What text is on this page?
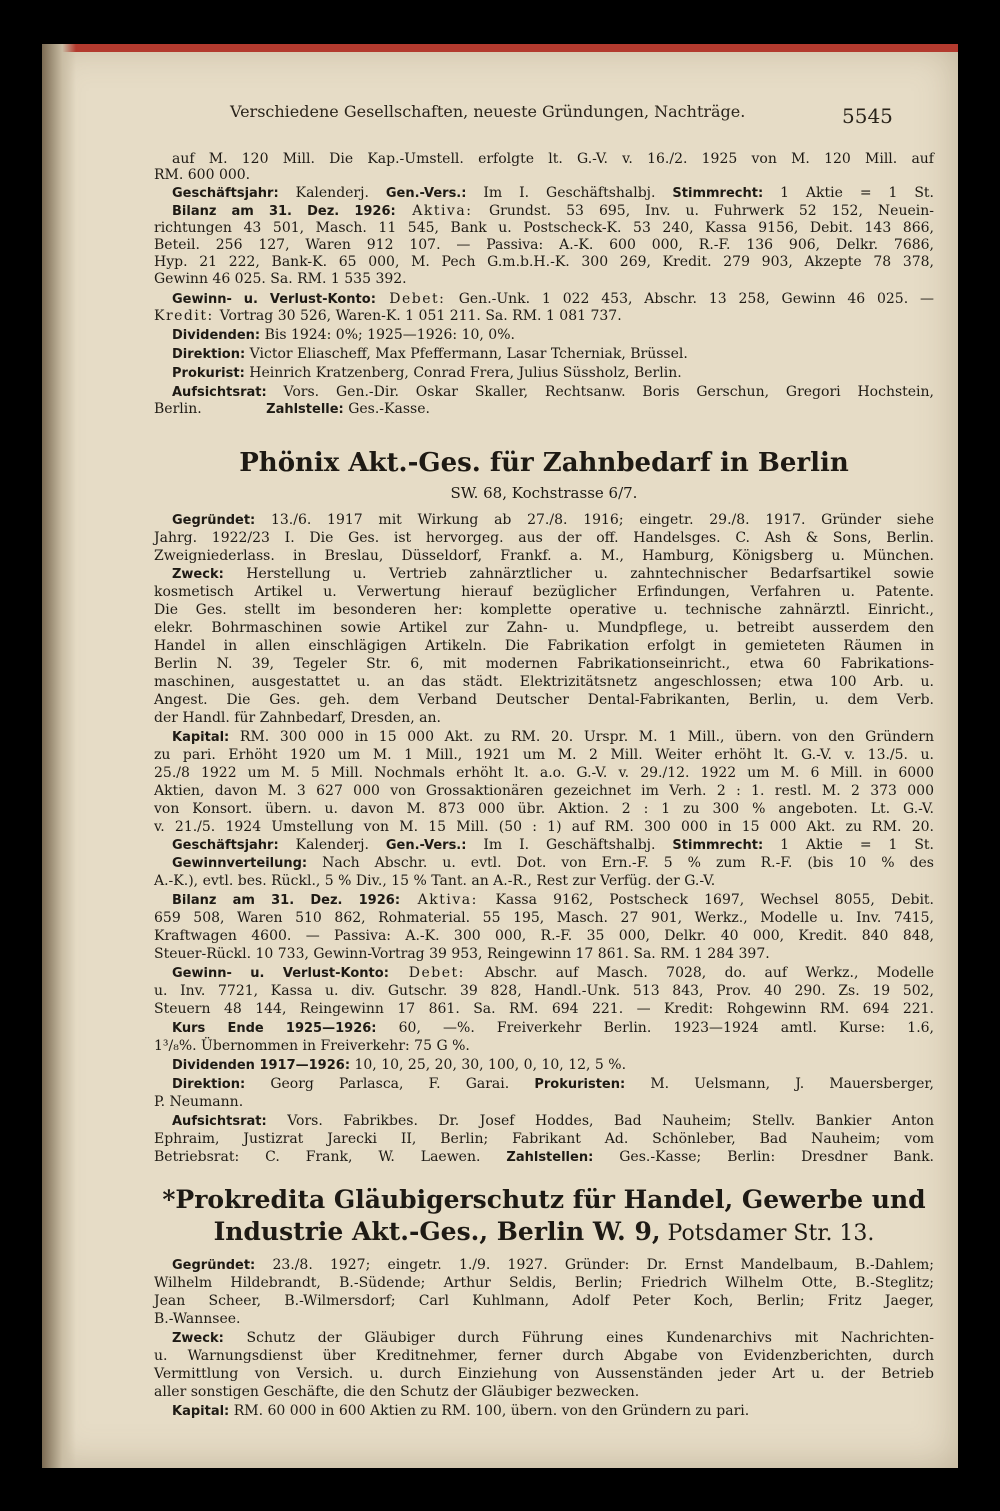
Verschiedene Gesellschaften, neueste Gründungen, Nachträge.	5545
auf M. 120 Mill. Die Kap.-Umstell. erfolgte lt. G.-V. v. 16./2. 1925 von M. 120 Mill. auf
RM. 600 000.
Geschäftsjahr: Kalenderj. Gen.-Vers.: Im I. Geschäftshalbj. Stimmrecht: 1 Aktie = 1 St.
Bilanz am 31. Dez. 1926: Aktiva: Grundst. 53 695, Inv. u. Fuhrwerk 52 152, Neuein-
richtungen 43 501, Masch. 11 545, Bank u. Postscheck-K. 53 240, Kassa 9156, Debit. 143 866,
Beteil. 256 127, Waren 912 107. — Passiva: A.-K. 600 000, R.-F. 136 906, Delkr. 7686,
Hyp. 21 222, Bank-K. 65 000, M. Pech G.m.b.H.-K. 300 269, Kredit. 279 903, Akzepte 78 378,
Gewinn 46 025. Sa. RM. 1 535 392.
Gewinn- u. Verlust-Konto: Debet: Gen.-Unk. 1 022 453, Abschr. 13 258, Gewinn 46 025. —
Kredit: Vortrag 30 526, Waren-K. 1 051 211. Sa. RM. 1 081 737.
Dividenden: Bis 1924: 0%; 1925—1926: 10, 0%.
Direktion: Victor Eliascheff, Max Pfeffermann, Lasar Tcherniak, Brüssel.
Prokurist: Heinrich Kratzenberg, Conrad Frera, Julius Süssholz, Berlin.
Aufsichtsrat: Vors. Gen.-Dir. Oskar Skaller, Rechtsanw. Boris Gerschun, Gregori Hochstein,
Berlin.	Zahlstelle: Ges.-Kasse.
Phönix Akt.-Ges. für Zahnbedarf in Berlin
SW. 68, Kochstrasse 6/7.
Gegründet: 13./6. 1917 mit Wirkung ab 27./8. 1916; eingetr. 29./8. 1917. Gründer siehe
Jahrg. 1922/23 I. Die Ges. ist hervorgeg. aus der off. Handelsges. C. Ash & Sons, Berlin.
Zweigniederlass. in Breslau, Düsseldorf, Frankf. a. M., Hamburg, Königsberg u. München.
Zweck: Herstellung u. Vertrieb zahnärztlicher u. zahntechnischer Bedarfsartikel sowie
kosmetisch Artikel u. Verwertung hierauf bezüglicher Erfindungen, Verfahren u. Patente.
Die Ges. stellt im besonderen her: komplette operative u. technische zahnärztl. Einricht.,
elekr. Bohrmaschinen sowie Artikel zur Zahn- u. Mundpflege, u. betreibt ausserdem den
Handel in allen einschlägigen Artikeln. Die Fabrikation erfolgt in gemieteten Räumen in
Berlin N. 39, Tegeler Str. 6, mit modernen Fabrikationseinricht., etwa 60 Fabrikations-
maschinen, ausgestattet u. an das städt. Elektrizitätsnetz angeschlossen; etwa 100 Arb. u.
Angest. Die Ges. geh. dem Verband Deutscher Dental-Fabrikanten, Berlin, u. dem Verb.
der Handl. für Zahnbedarf, Dresden, an.
Kapital: RM. 300 000 in 15 000 Akt. zu RM. 20. Urspr. M. 1 Mill., übern. von den Gründern
zu pari. Erhöht 1920 um M. 1 Mill., 1921 um M. 2 Mill. Weiter erhöht lt. G.-V. v. 13./5. u.
25./8 1922 um M. 5 Mill. Nochmals erhöht lt. a.o. G.-V. v. 29./12. 1922 um M. 6 Mill. in 6000
Aktien, davon M. 3 627 000 von Grossaktionären gezeichnet im Verh. 2 : 1. restl. M. 2 373 000
von Konsort. übern. u. davon M. 873 000 übr. Aktion. 2 : 1 zu 300 % angeboten. Lt. G.-V.
v. 21./5. 1924 Umstellung von M. 15 Mill. (50 : 1) auf RM. 300 000 in 15 000 Akt. zu RM. 20.
Geschäftsjahr: Kalenderj. Gen.-Vers.: Im I. Geschäftshalbj. Stimmrecht: 1 Aktie = 1 St.
Gewinnverteilung: Nach Abschr. u. evtl. Dot. von Ern.-F. 5 % zum R.-F. (bis 10 % des
A.-K.), evtl. bes. Rückl., 5 % Div., 15 % Tant. an A.-R., Rest zur Verfüg. der G.-V.
Bilanz am 31. Dez. 1926: Aktiva: Kassa 9162, Postscheck 1697, Wechsel 8055, Debit.
659 508, Waren 510 862, Rohmaterial. 55 195, Masch. 27 901, Werkz., Modelle u. Inv. 7415,
Kraftwagen 4600. — Passiva: A.-K. 300 000, R.-F. 35 000, Delkr. 40 000, Kredit. 840 848,
Steuer-Rückl. 10 733, Gewinn-Vortrag 39 953, Reingewinn 17 861. Sa. RM. 1 284 397.
Gewinn- u. Verlust-Konto: Debet: Abschr. auf Masch. 7028, do. auf Werkz., Modelle
u. Inv. 7721, Kassa u. div. Gutschr. 39 828, Handl.-Unk. 513 843, Prov. 40 290. Zs. 19 502,
Steuern 48 144, Reingewinn 17 861. Sa. RM. 694 221. — Kredit: Rohgewinn RM. 694 221.
Kurs Ende 1925—1926: 60, —%. Freiverkehr Berlin. 1923—1924 amtl. Kurse: 1.6,
1³/₈%. Übernommen in Freiverkehr: 75 G %.
Dividenden 1917—1926: 10, 10, 25, 20, 30, 100, 0, 10, 12, 5 %.
Direktion: Georg Parlasca, F. Garai. Prokuristen: M. Uelsmann, J. Mauersberger,
P. Neumann.
Aufsichtsrat: Vors. Fabrikbes. Dr. Josef Hoddes, Bad Nauheim; Stellv. Bankier Anton
Ephraim, Justizrat Jarecki II, Berlin; Fabrikant Ad. Schönleber, Bad Nauheim; vom
Betriebsrat: C. Frank, W. Laewen. Zahlstellen: Ges.-Kasse; Berlin: Dresdner Bank.
*Prokredita Gläubigerschutz für Handel, Gewerbe und
Industrie Akt.-Ges., Berlin W. 9, Potsdamer Str. 13.
Gegründet: 23./8. 1927; eingetr. 1./9. 1927. Gründer: Dr. Ernst Mandelbaum, B.-Dahlem;
Wilhelm Hildebrandt, B.-Südende; Arthur Seldis, Berlin; Friedrich Wilhelm Otte, B.-Steglitz;
Jean Scheer, B.-Wilmersdorf; Carl Kuhlmann, Adolf Peter Koch, Berlin; Fritz Jaeger,
B.-Wannsee.
Zweck: Schutz der Gläubiger durch Führung eines Kundenarchivs mit Nachrichten-
u. Warnungsdienst über Kreditnehmer, ferner durch Abgabe von Evidenzberichten, durch
Vermittlung von Versich. u. durch Einziehung von Aussenständen jeder Art u. der Betrieb
aller sonstigen Geschäfte, die den Schutz der Gläubiger bezwecken.
Kapital: RM. 60 000 in 600 Aktien zu RM. 100, übern. von den Gründern zu pari.
